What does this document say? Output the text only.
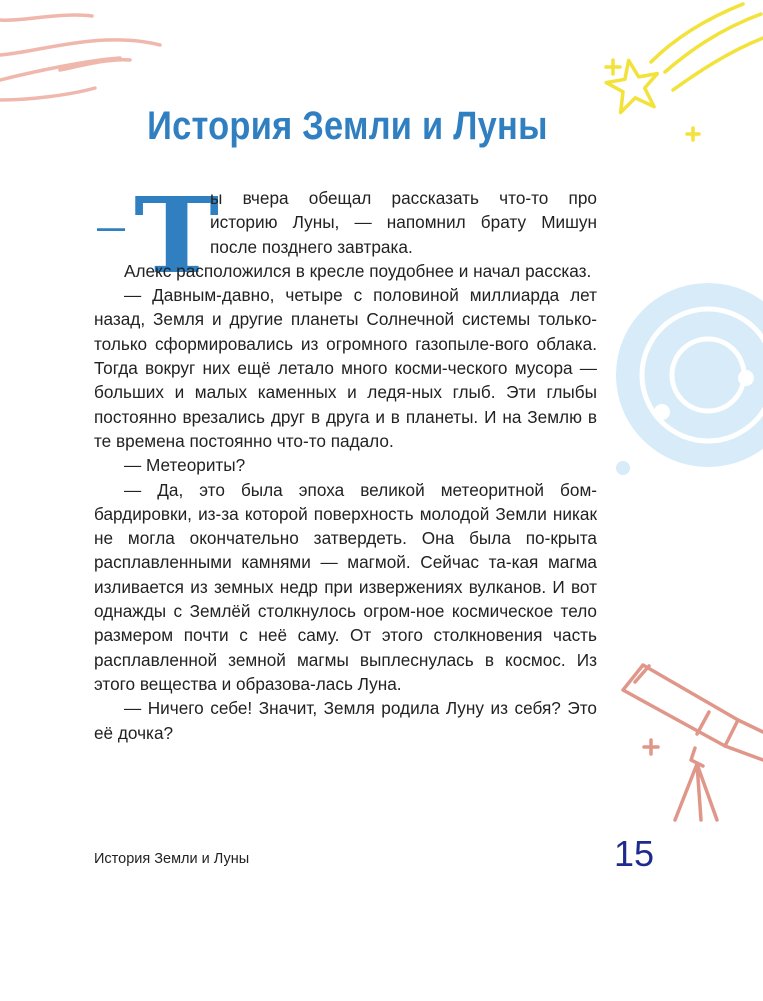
История Земли и Луны
— Т

ы вчера обещал рассказать что-то про
историю Луны, — напомнил брату Мишун
после позднего завтрака.

Алекс расположился в кресле поудобнее и начал рассказ.

— Давным-давно, четыре с половиной миллиарда лет назад, Земля и другие планеты Солнечной системы только-только сформировались из огромного газопыле-вого облака. Тогда вокруг них ещё летало много косми-ческого мусора — больших и малых каменных и ледя-ных глыб. Эти глыбы постоянно врезались друг в друга и в планеты. И на Землю в те времена постоянно что-то падало.

— Метеориты?

— Да, это была эпоха великой метеоритной бом-бардировки, из-за которой поверхность молодой Земли никак не могла окончательно затвердеть. Она была по-крыта расплавленными камнями — магмой. Сейчас та-кая магма изливается из земных недр при извержениях вулканов. И вот однажды с Землёй столкнулось огром-ное космическое тело размером почти с неё саму. От этого столкновения часть расплавленной земной магмы выплеснулась в космос. Из этого вещества и образова-лась Луна.

— Ничего себе! Значит, Земля родила Луну из себя? Это её дочка?

История Земли и Луны	15
